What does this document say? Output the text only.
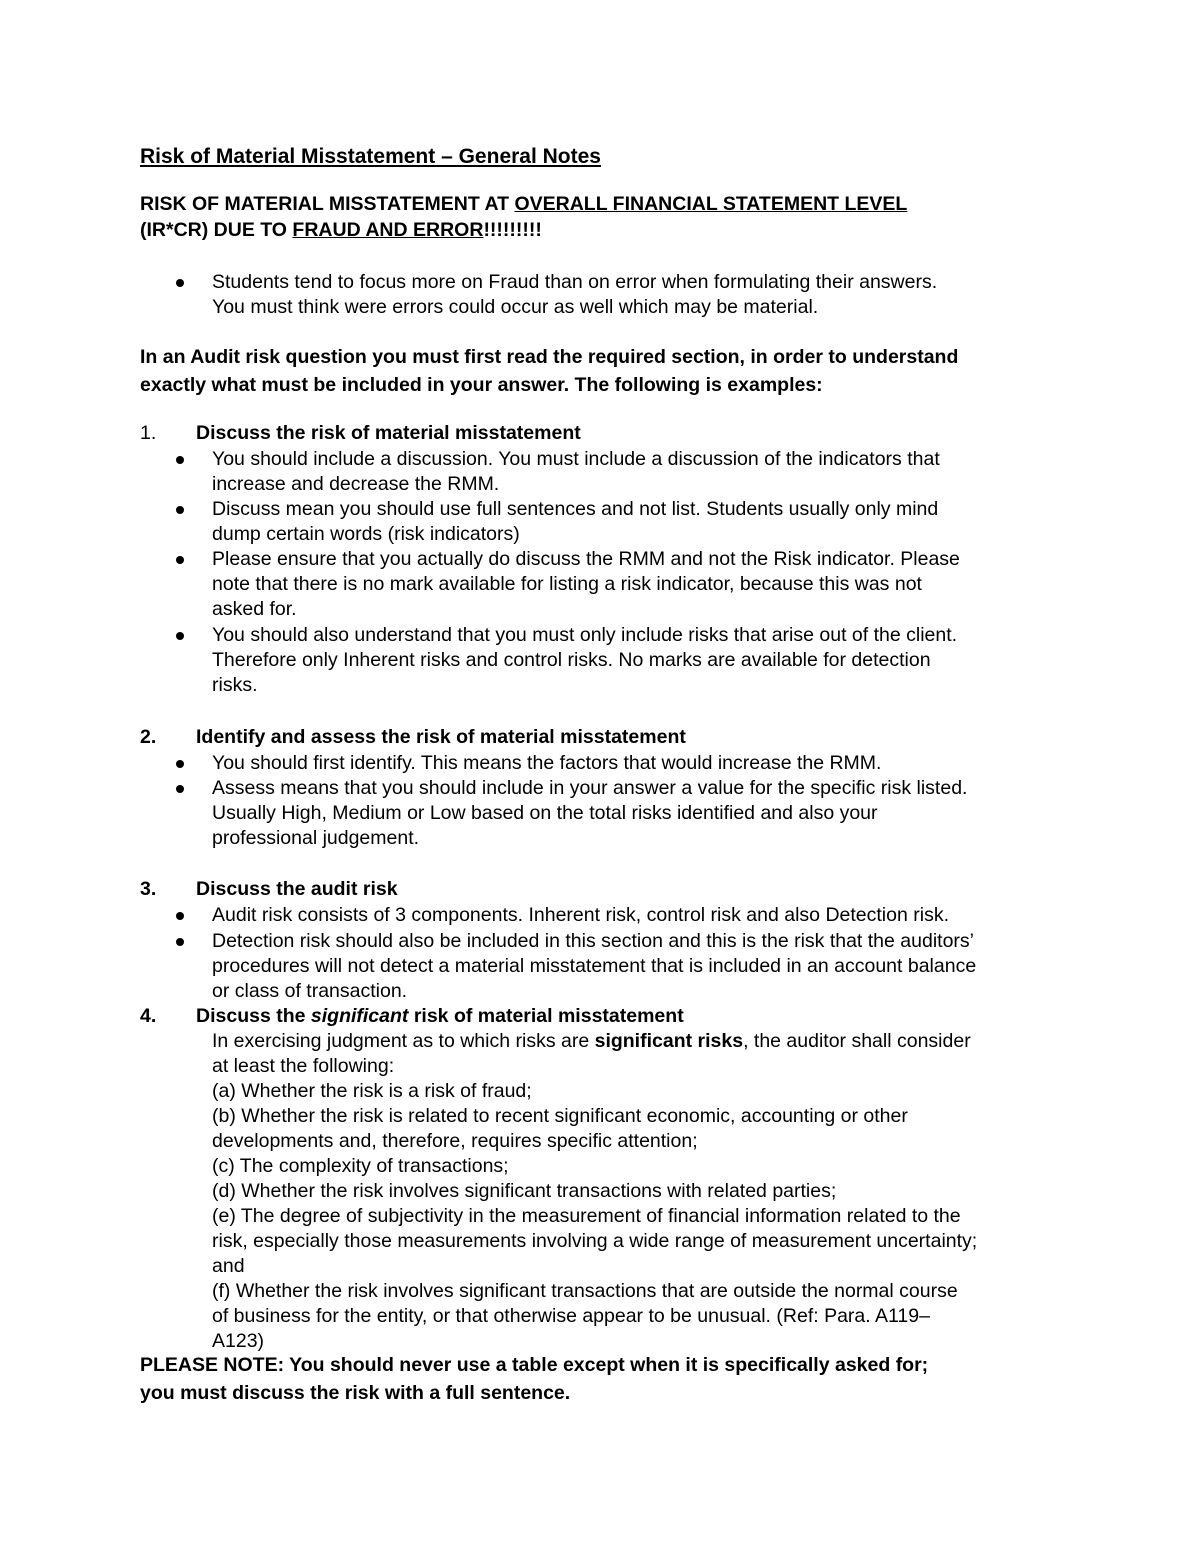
Risk of Material Misstatement – General Notes
RISK OF MATERIAL MISSTATEMENT AT OVERALL FINANCIAL STATEMENT LEVEL
(IR*CR) DUE TO FRAUD AND ERROR!!!!!!!!!
Students tend to focus more on Fraud than on error when formulating their answers.
You must think were errors could occur as well which may be material.
In an Audit risk question you must first read the required section, in order to understand
exactly what must be included in your answer. The following is examples:
1. Discuss the risk of material misstatement
You should include a discussion. You must include a discussion of the indicators that
increase and decrease the RMM.
Discuss mean you should use full sentences and not list. Students usually only mind
dump certain words (risk indicators)
Please ensure that you actually do discuss the RMM and not the Risk indicator. Please
note that there is no mark available for listing a risk indicator, because this was not
asked for.
You should also understand that you must only include risks that arise out of the client.
Therefore only Inherent risks and control risks. No marks are available for detection
risks.
2. Identify and assess the risk of material misstatement
You should first identify. This means the factors that would increase the RMM.
Assess means that you should include in your answer a value for the specific risk listed.
Usually High, Medium or Low based on the total risks identified and also your
professional judgement.
3. Discuss the audit risk
Audit risk consists of 3 components. Inherent risk, control risk and also Detection risk.
Detection risk should also be included in this section and this is the risk that the auditors’
procedures will not detect a material misstatement that is included in an account balance
or class of transaction.
4. Discuss the significant risk of material misstatement
In exercising judgment as to which risks are significant risks, the auditor shall consider
at least the following:
(a) Whether the risk is a risk of fraud;
(b) Whether the risk is related to recent significant economic, accounting or other
developments and, therefore, requires specific attention;
(c) The complexity of transactions;
(d) Whether the risk involves significant transactions with related parties;
(e) The degree of subjectivity in the measurement of financial information related to the
risk, especially those measurements involving a wide range of measurement uncertainty;
and
(f) Whether the risk involves significant transactions that are outside the normal course
of business for the entity, or that otherwise appear to be unusual. (Ref: Para. A119–
A123)
PLEASE NOTE: You should never use a table except when it is specifically asked for;
you must discuss the risk with a full sentence.
